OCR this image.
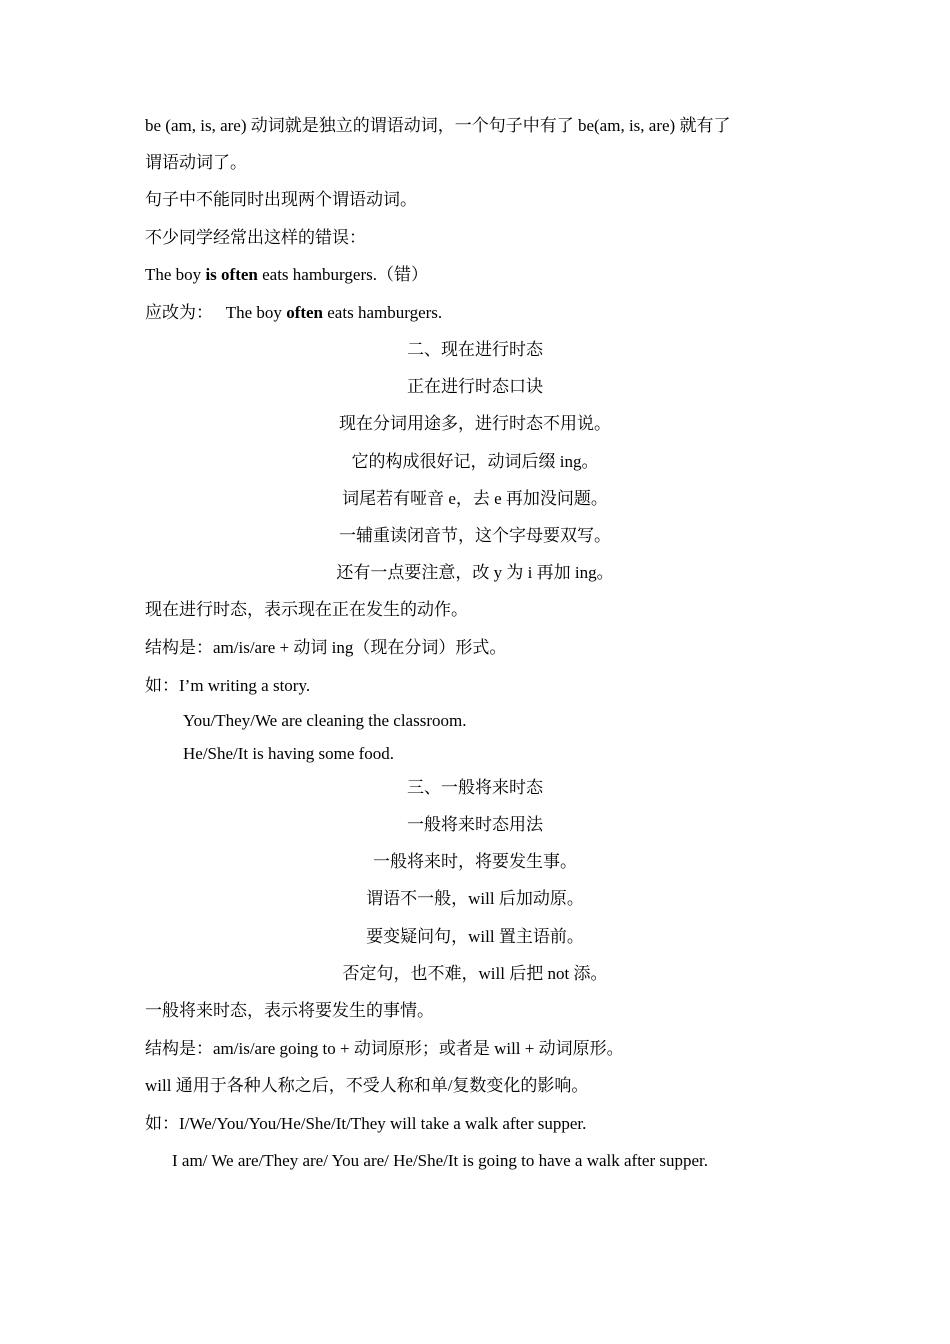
be (am, is, are) 动词就是独立的谓语动词，一个句子中有了 be(am, is, are) 就有了
谓语动词了。
句子中不能同时出现两个谓语动词。
不少同学经常出这样的错误：
The boy is often eats hamburgers.（错）
应改为： The boy often eats hamburgers.
二、现在进行时态
正在进行时态口诀
现在分词用途多，进行时态不用说。
它的构成很好记，动词后缀 ing。
词尾若有哑音 e，去 e 再加没问题。
一辅重读闭音节，这个字母要双写。
还有一点要注意，改 y 为 i 再加 ing。
现在进行时态，表示现在正在发生的动作。
结构是：am/is/are + 动词 ing（现在分词）形式。
如：I’m writing a story.
You/They/We are cleaning the classroom.
He/She/It is having some food.
三、一般将来时态
一般将来时态用法
一般将来时，将要发生事。
谓语不一般，will 后加动原。
要变疑问句，will 置主语前。
否定句，也不难，will 后把 not 添。
一般将来时态，表示将要发生的事情。
结构是：am/is/are going to + 动词原形；或者是 will + 动词原形。
will 通用于各种人称之后，不受人称和单/复数变化的影响。
如：I/We/You/You/He/She/It/They will take a walk after supper.
I am/ We are/They are/ You are/ He/She/It is going to have a walk after supper.
